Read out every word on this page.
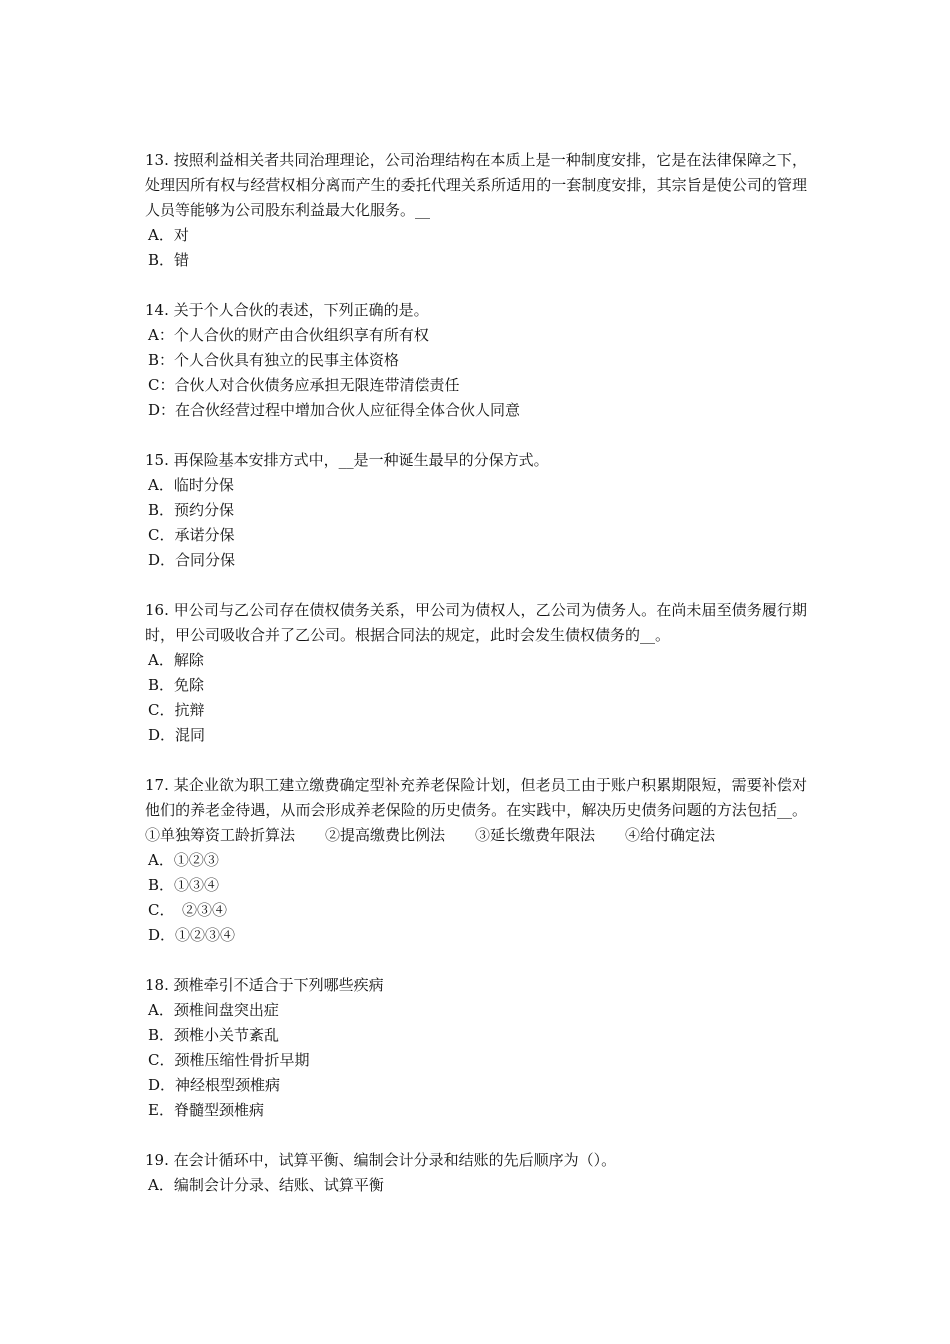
13. 按照利益相关者共同治理理论，公司治理结构在本质上是一种制度安排，它是在法律保障之下，处理因所有权与经营权相分离而产生的委托代理关系所适用的一套制度安排，其宗旨是使公司的管理人员等能够为公司股东利益最大化服务。__

A．对
B．错

14. 关于个人合伙的表述，下列正确的是。

A：个人合伙的财产由合伙组织享有所有权
B：个人合伙具有独立的民事主体资格
C：合伙人对合伙债务应承担无限连带清偿责任
D：在合伙经营过程中增加合伙人应征得全体合伙人同意

15. 再保险基本安排方式中，__是一种诞生最早的分保方式。

A．临时分保
B．预约分保
C．承诺分保
D．合同分保

16. 甲公司与乙公司存在债权债务关系，甲公司为债权人，乙公司为债务人。在尚未届至债务履行期时，甲公司吸收合并了乙公司。根据合同法的规定，此时会发生债权债务的__。

A．解除
B．免除
C．抗辩
D．混同

17. 某企业欲为职工建立缴费确定型补充养老保险计划，但老员工由于账户积累期限短，需要补偿对他们的养老金待遇，从而会形成养老保险的历史债务。在实践中，解决历史债务问题的方法包括__。①单独筹资工龄折算法　　②提高缴费比例法　　③延长缴费年限法　　④给付确定法

A．①②③
B．①③④
C．　②③④
D．①②③④

18. 颈椎牵引不适合于下列哪些疾病

A．颈椎间盘突出症
B．颈椎小关节紊乱
C．颈椎压缩性骨折早期
D．神经根型颈椎病
E．脊髓型颈椎病

19. 在会计循环中，试算平衡、编制会计分录和结账的先后顺序为（）。

A．编制会计分录、结账、试算平衡
